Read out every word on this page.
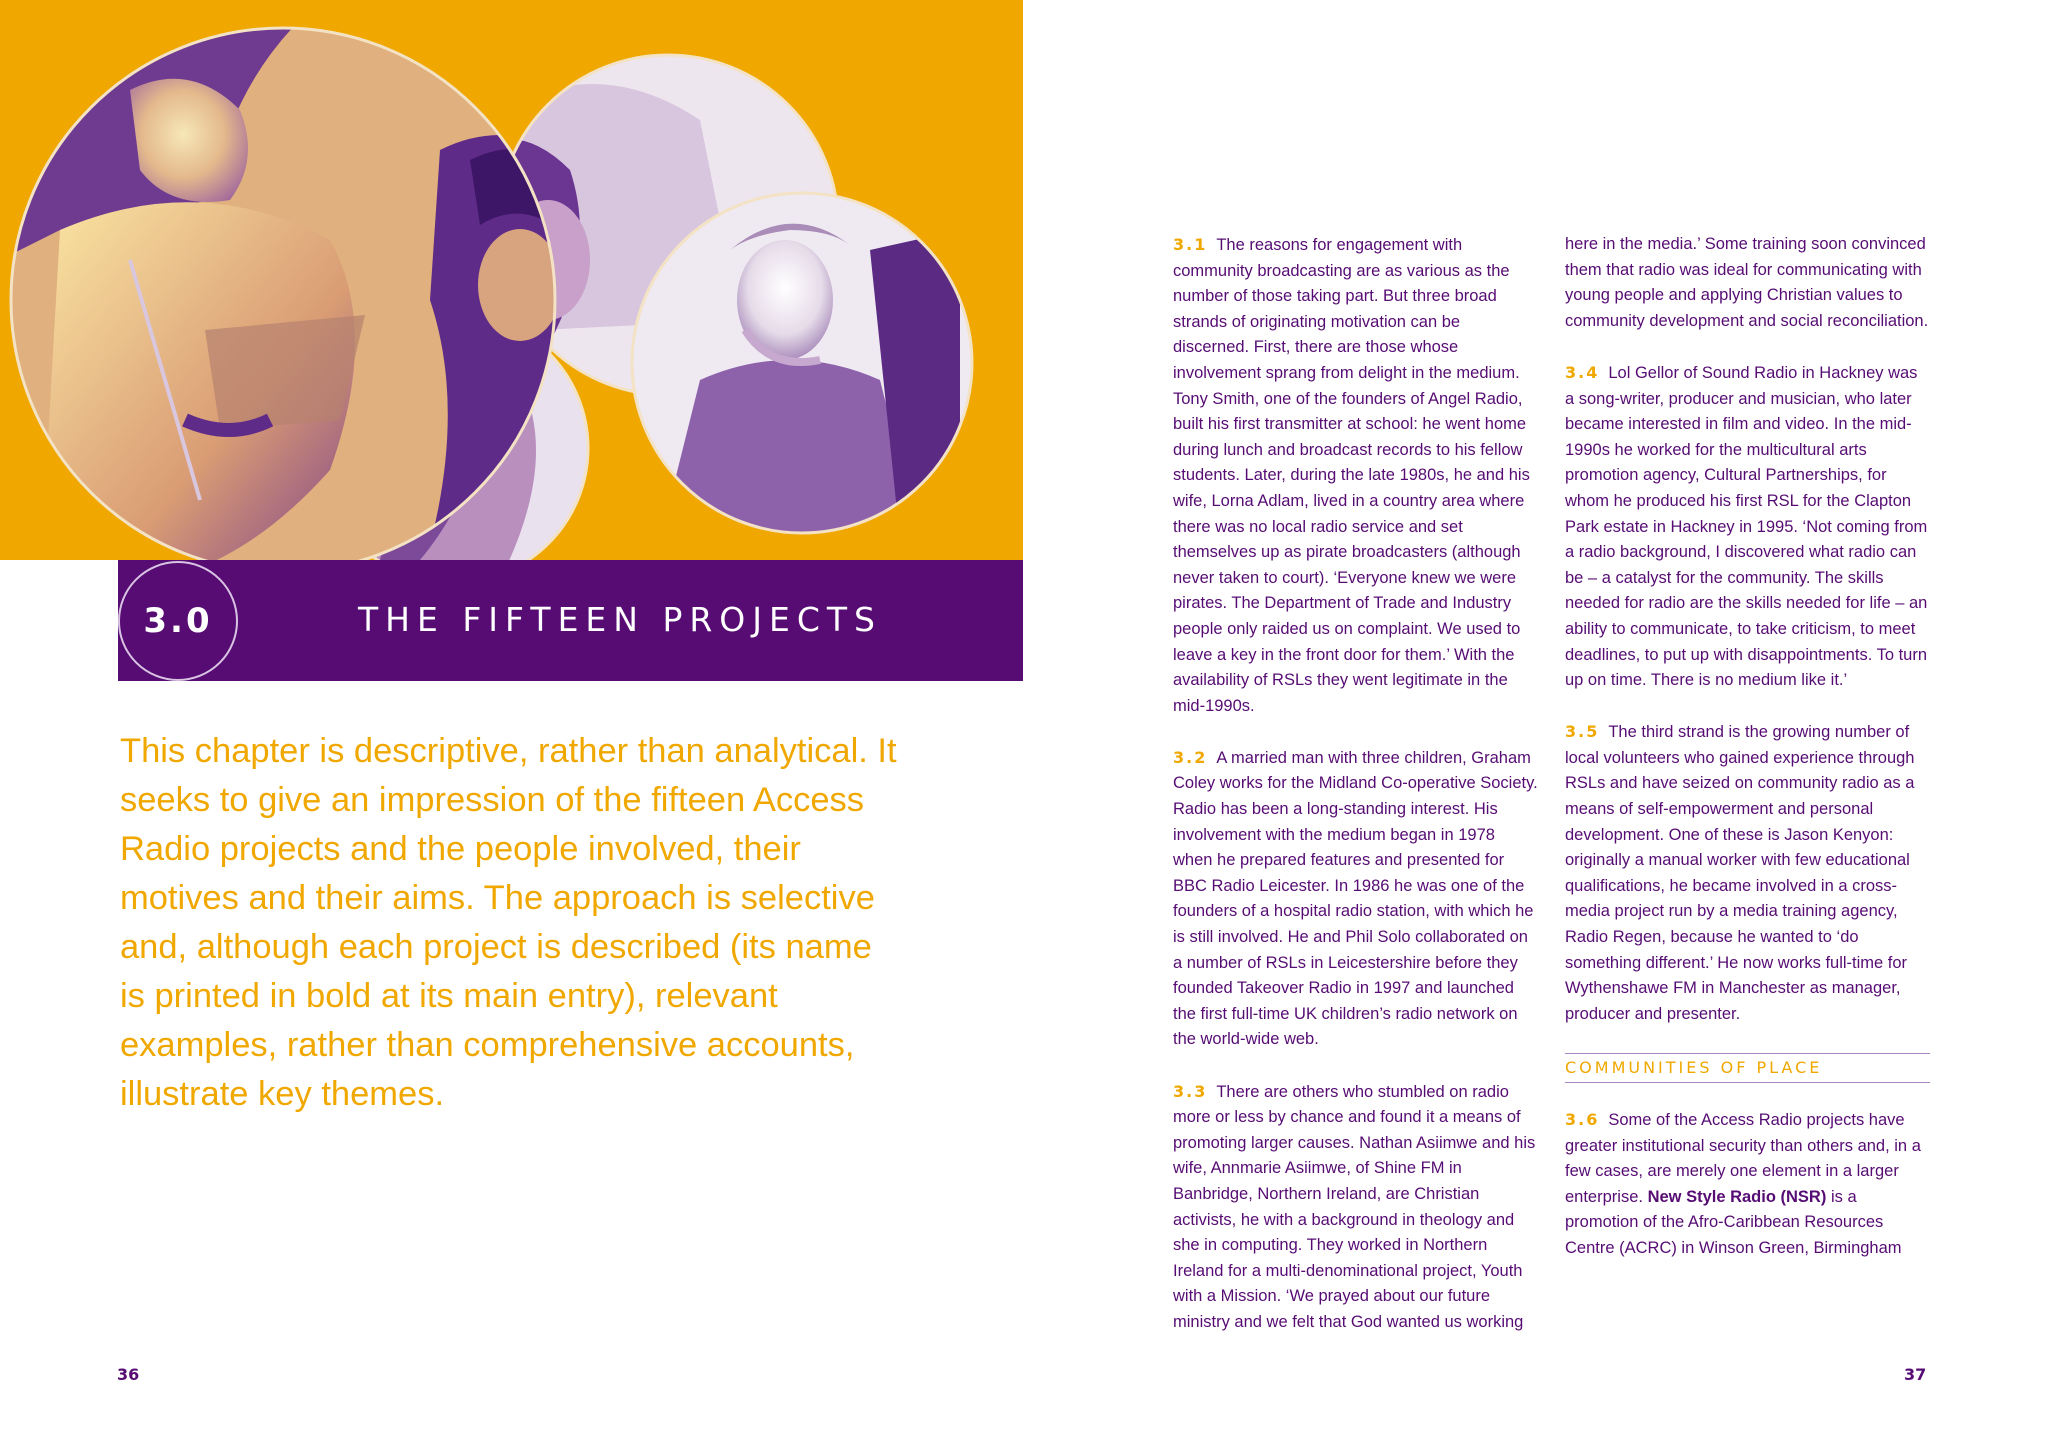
3.0	THE FIFTEEN PROJECTS
This chapter is descriptive, rather than analytical. It seeks to give an impression of the fifteen Access Radio projects and the people involved, their motives and their aims. The approach is selective and, although each project is described (its name is printed in bold at its main entry), relevant examples, rather than comprehensive accounts, illustrate key themes.

3.1 The reasons for engagement with community broadcasting are as various as the number of those taking part. But three broad strands of originating motivation can be discerned. First, there are those whose involvement sprang from delight in the medium. Tony Smith, one of the founders of Angel Radio, built his first transmitter at school: he went home during lunch and broadcast records to his fellow students. Later, during the late 1980s, he and his wife, Lorna Adlam, lived in a country area where there was no local radio service and set themselves up as pirate broadcasters (although never taken to court). ‘Everyone knew we were pirates. The Department of Trade and Industry people only raided us on complaint. We used to leave a key in the front door for them.’ With the availability of RSLs they went legitimate in the mid-1990s.

3.2 A married man with three children, Graham Coley works for the Midland Co-operative Society. Radio has been a long-standing interest. His involvement with the medium began in 1978 when he prepared features and presented for BBC Radio Leicester. In 1986 he was one of the founders of a hospital radio station, with which he is still involved. He and Phil Solo collaborated on a number of RSLs in Leicestershire before they founded Takeover Radio in 1997 and launched the first full-time UK children’s radio network on the world-wide web.

3.3 There are others who stumbled on radio more or less by chance and found it a means of promoting larger causes. Nathan Asiimwe and his wife, Annmarie Asiimwe, of Shine FM in Banbridge, Northern Ireland, are Christian activists, he with a background in theology and she in computing. They worked in Northern Ireland for a multi-denominational project, Youth with a Mission. ‘We prayed about our future ministry and we felt that God wanted us working

here in the media.’ Some training soon convinced them that radio was ideal for communicating with young people and applying Christian values to community development and social reconciliation.

3.4 Lol Gellor of Sound Radio in Hackney was a song-writer, producer and musician, who later became interested in film and video. In the mid-1990s he worked for the multicultural arts promotion agency, Cultural Partnerships, for whom he produced his first RSL for the Clapton Park estate in Hackney in 1995. ‘Not coming from a radio background, I discovered what radio can be – a catalyst for the community. The skills needed for radio are the skills needed for life – an ability to communicate, to take criticism, to meet deadlines, to put up with disappointments. To turn up on time. There is no medium like it.’

3.5 The third strand is the growing number of local volunteers who gained experience through RSLs and have seized on community radio as a means of self-empowerment and personal development. One of these is Jason Kenyon: originally a manual worker with few educational qualifications, he became involved in a cross-media project run by a media training agency, Radio Regen, because he wanted to ‘do something different.’ He now works full-time for Wythenshawe FM in Manchester as manager, producer and presenter.

COMMUNITIES OF PLACE

3.6 Some of the Access Radio projects have greater institutional security than others and, in a few cases, are merely one element in a larger enterprise. New Style Radio (NSR) is a promotion of the Afro-Caribbean Resources Centre (ACRC) in Winson Green, Birmingham

36	37
